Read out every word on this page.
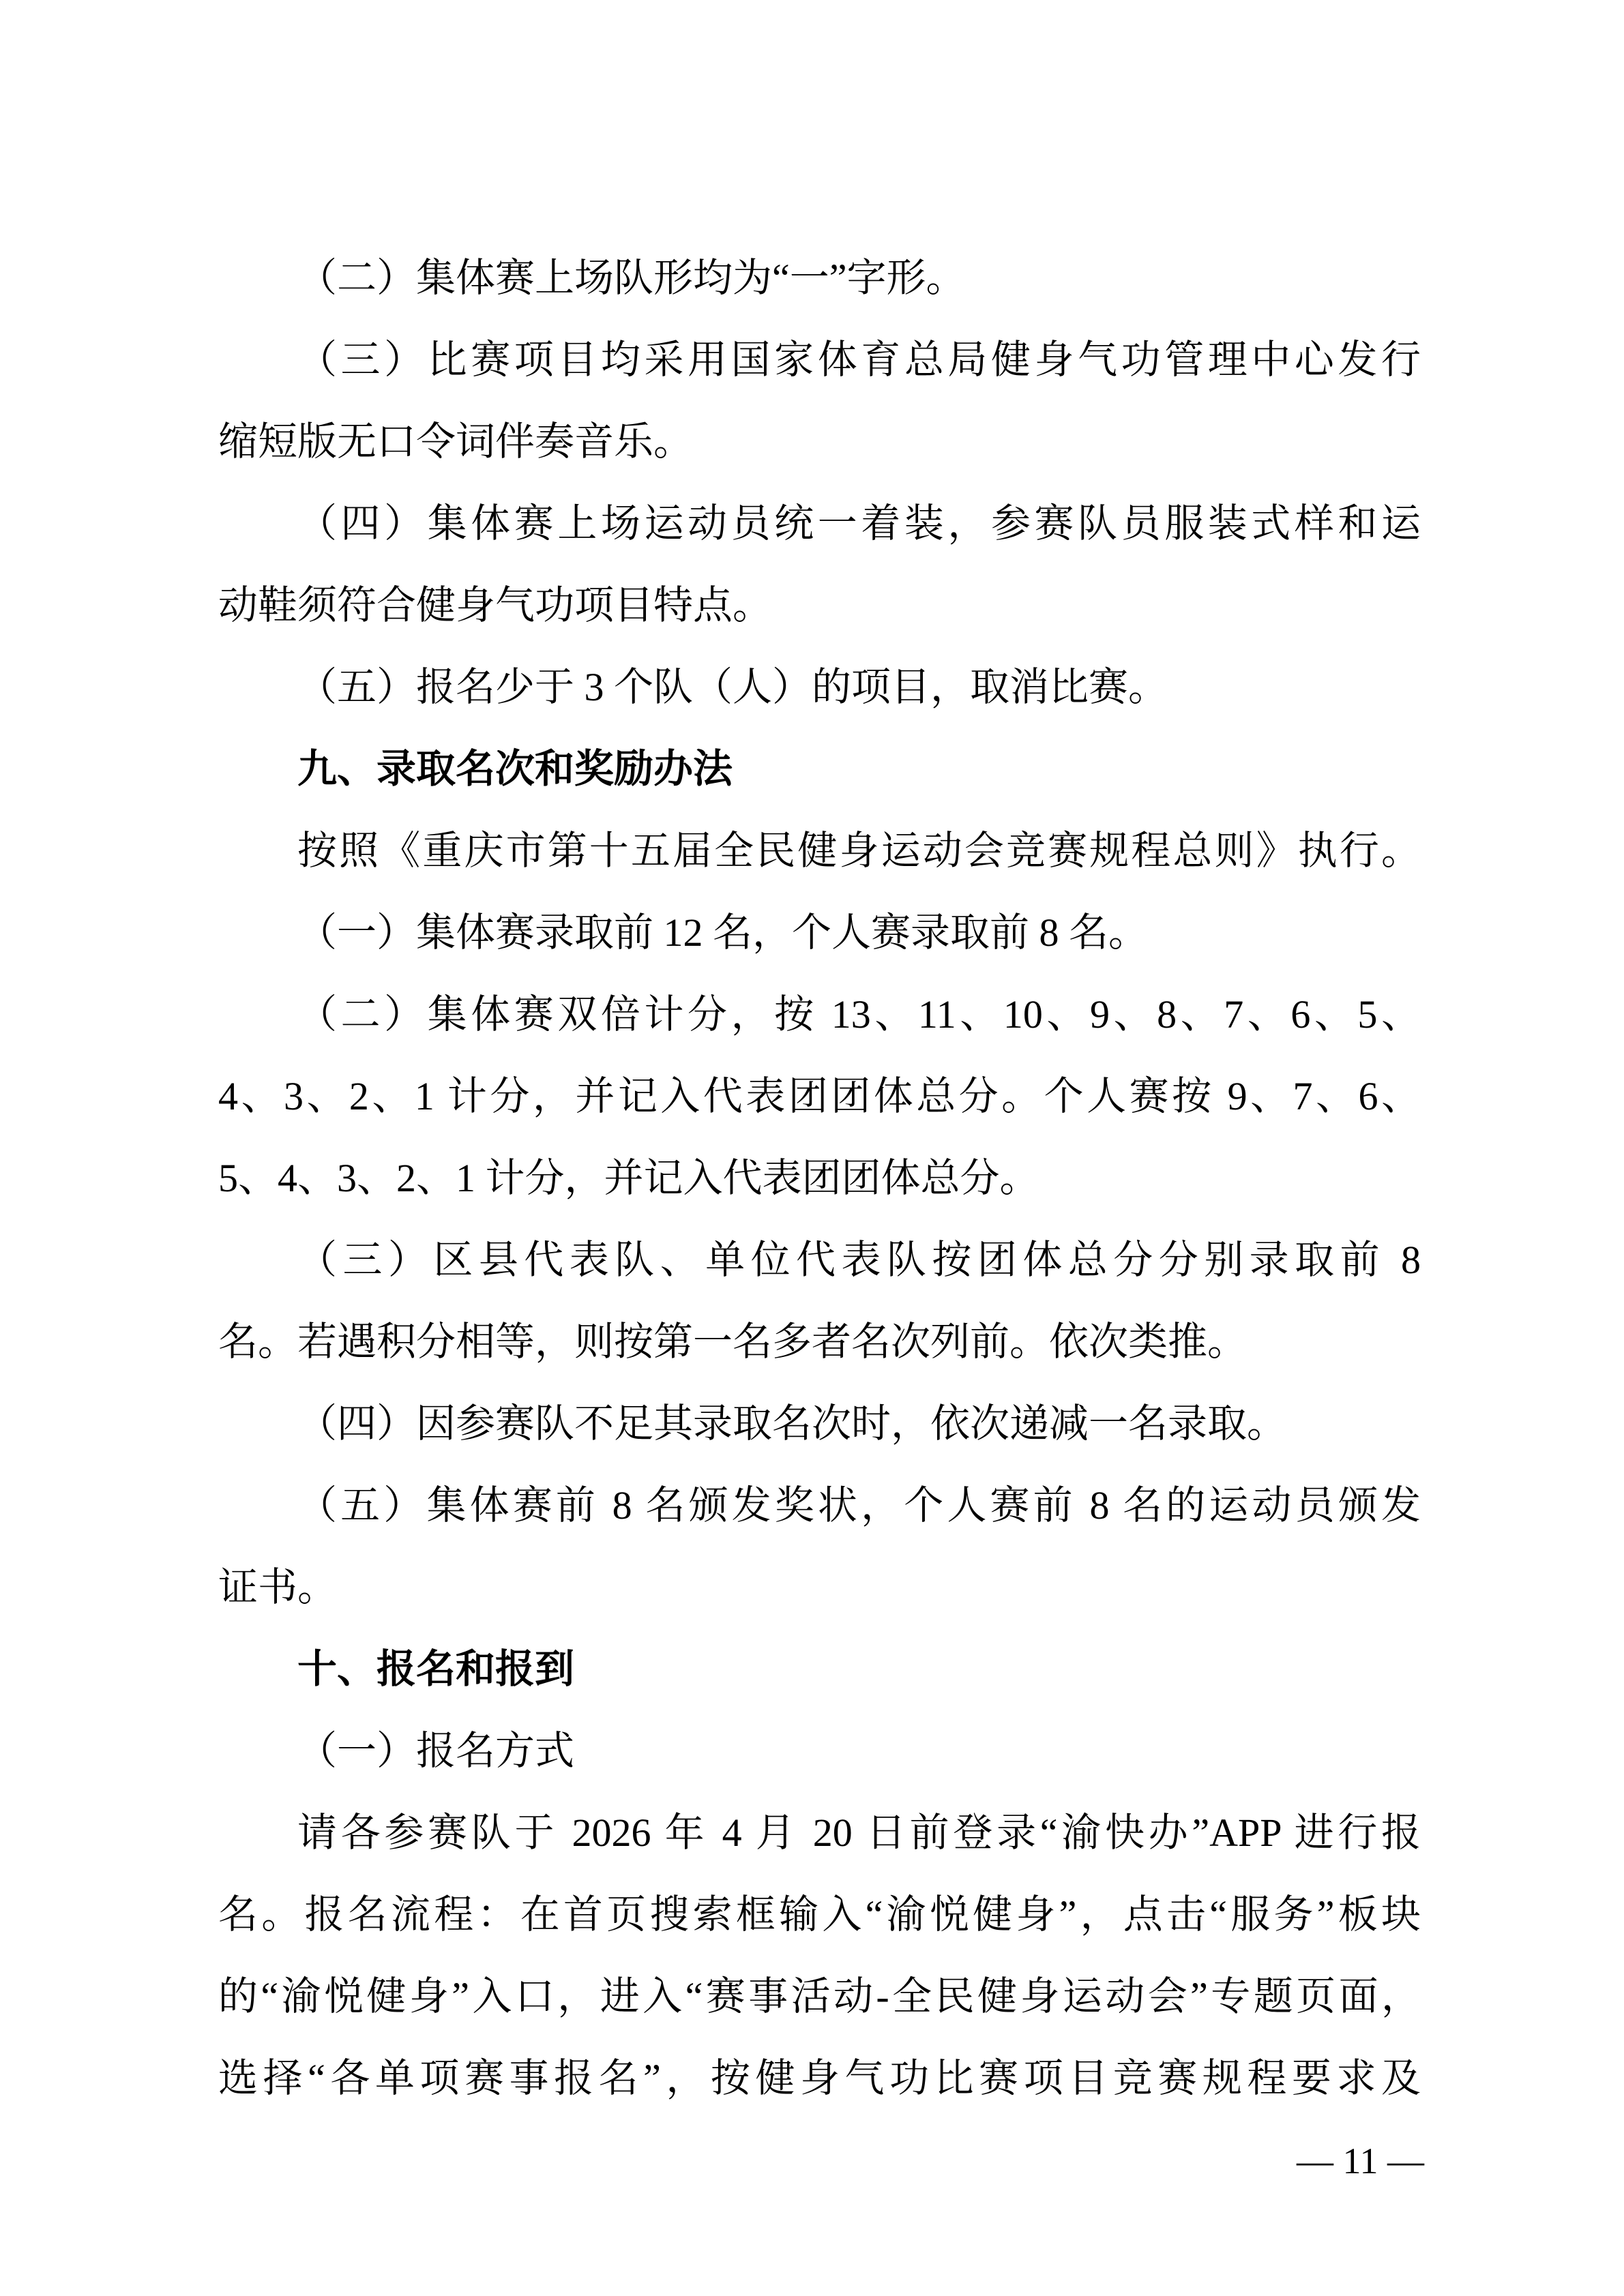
（二）集体赛上场队形均为“一”字形。
（三）比赛项目均采用国家体育总局健身气功管理中心发行
缩短版无口令词伴奏音乐。
（四）集体赛上场运动员统一着装，参赛队员服装式样和运
动鞋须符合健身气功项目特点。
（五）报名少于 3 个队（人）的项目，取消比赛。
九、录取名次和奖励办法
按照《重庆市第十五届全民健身运动会竞赛规程总则》执行。
（一）集体赛录取前 12 名，个人赛录取前 8 名。
（二）集体赛双倍计分，按 13、11、10、9、8、7、6、5、
4、3、2、1 计分，并记入代表团团体总分。个人赛按 9、7、6、
5、4、3、2、1 计分，并记入代表团团体总分。
（三）区县代表队、单位代表队按团体总分分别录取前 8
名。若遇积分相等，则按第一名多者名次列前。依次类推。
（四）因参赛队不足其录取名次时，依次递减一名录取。
（五）集体赛前 8 名颁发奖状，个人赛前 8 名的运动员颁发
证书。
十、报名和报到
（一）报名方式
请各参赛队于 2026 年 4 月 20 日前登录“渝快办”APP 进行报
名。报名流程：在首页搜索框输入“渝悦健身”，点击“服务”板块
的“渝悦健身”入口，进入“赛事活动-全民健身运动会”专题页面，
选择“各单项赛事报名”，按健身气功比赛项目竞赛规程要求及
— 11 —
